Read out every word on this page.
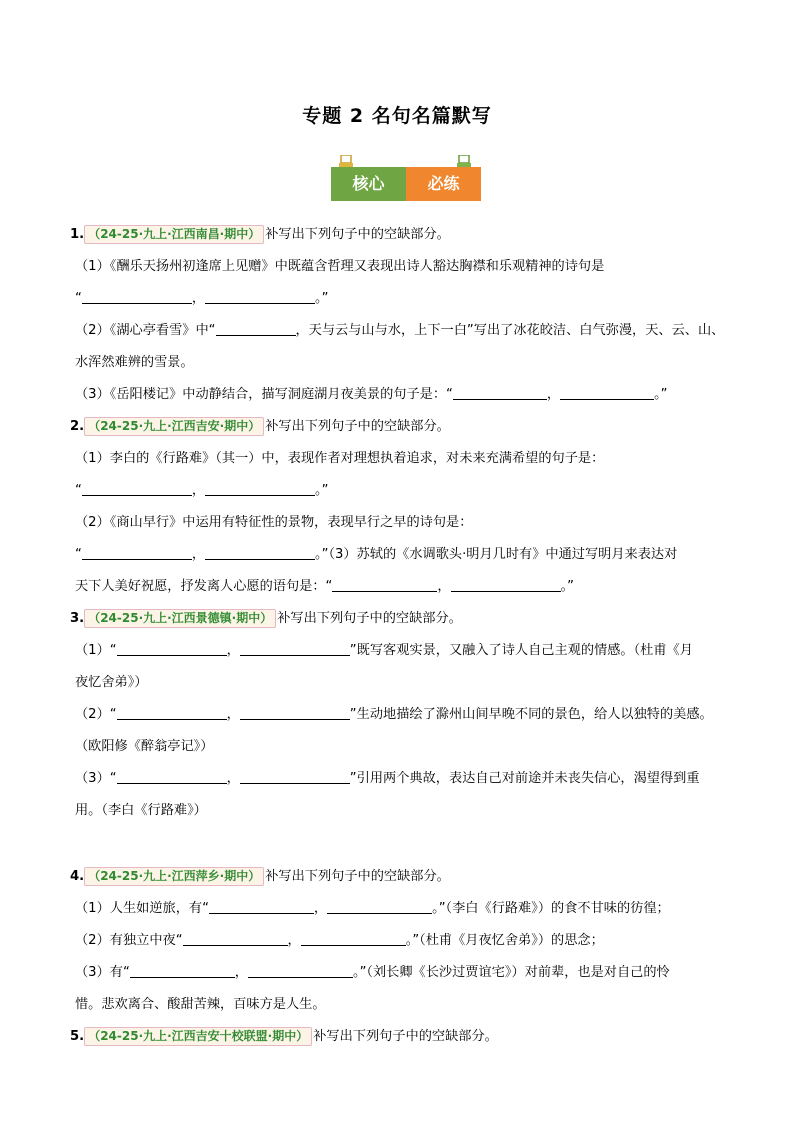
专题 2 名句名篇默写
核心	必练
1. （24-25·九上·江西南昌·期中） 补写出下列句子中的空缺部分。
（1）《酬乐天扬州初逢席上见赠》中既蕴含哲理又表现出诗人豁达胸襟和乐观精神的诗句是
“	，	。”
（2）《湖心亭看雪》中“	，天与云与山与水，上下一白”写出了冰花皎洁、白气弥漫，天、云、山、
水浑然难辨的雪景。
（3）《岳阳楼记》中动静结合，描写洞庭湖月夜美景的句子是：“	，	。”
2. （24-25·九上·江西吉安·期中） 补写出下列句子中的空缺部分。
（1）李白的《行路难》（其一）中，表现作者对理想执着追求，对未来充满希望的句子是：
“	，	。”
（2）《商山早行》中运用有特征性的景物，表现早行之早的诗句是：
“	，	。”（3）苏轼的《水调歌头·明月几时有》中通过写明月来表达对
天下人美好祝愿，抒发离人心愿的语句是：“	，	。”
3. （24-25·九上·江西景德镇·期中） 补写出下列句子中的空缺部分。
（1）“	，	”既写客观实景，又融入了诗人自己主观的情感。（杜甫《月
夜忆舍弟》）
（2）“	，	”生动地描绘了滁州山间早晚不同的景色，给人以独特的美感。
（欧阳修《醉翁亭记》）
（3）“	，	”引用两个典故，表达自己对前途并未丧失信心，渴望得到重
用。（李白《行路难》）
4. （24-25·九上·江西萍乡·期中） 补写出下列句子中的空缺部分。
（1）人生如逆旅，有“	，	。”（李白《行路难》）的食不甘味的彷徨；
（2）有独立中夜“	，	。”（杜甫《月夜忆舍弟》）的思念；
（3）有“	，	。”（刘长卿《长沙过贾谊宅》）对前辈，也是对自己的怜
惜。悲欢离合、酸甜苦辣，百味方是人生。
5. （24-25·九上·江西吉安十校联盟·期中） 补写出下列句子中的空缺部分。
